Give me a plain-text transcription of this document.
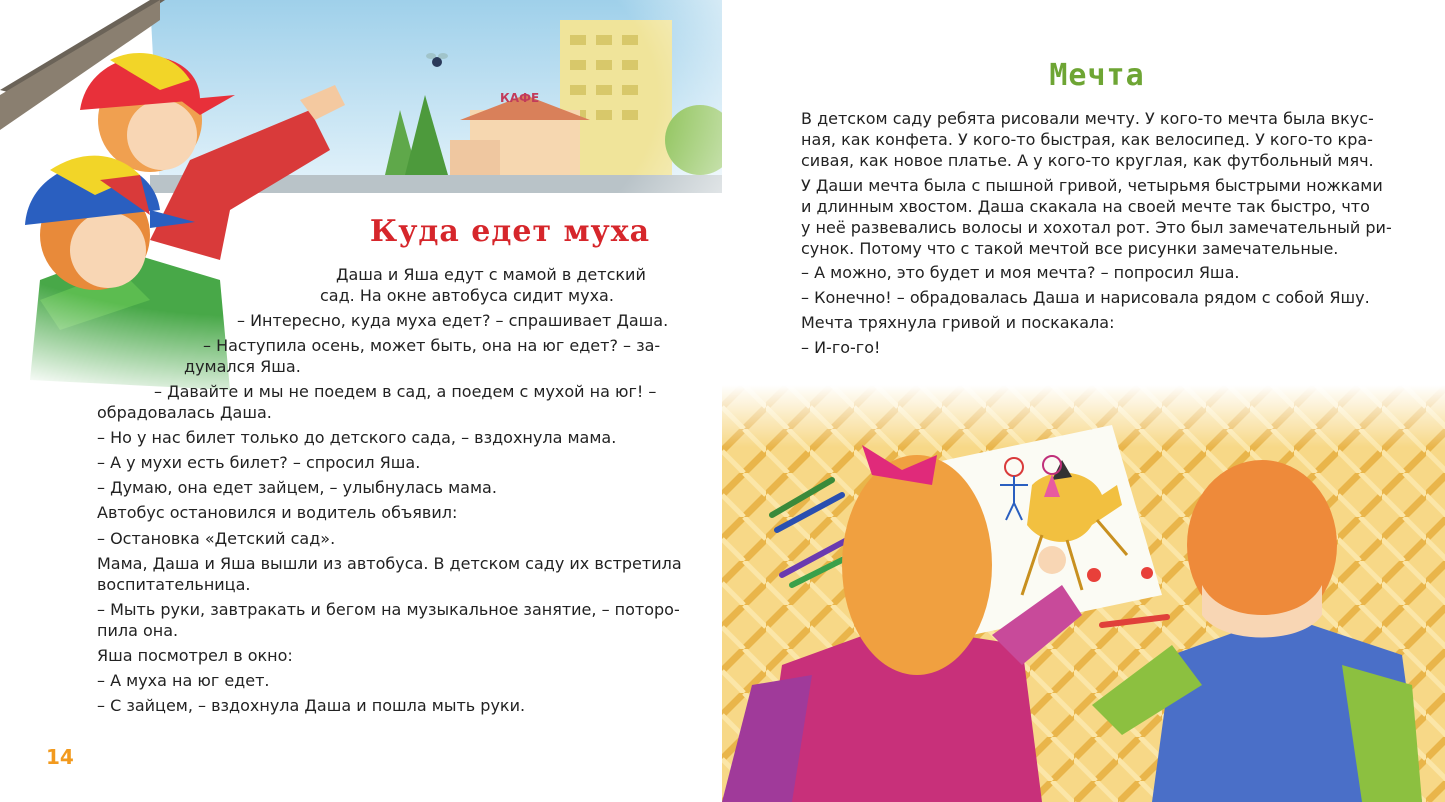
Куда едет муха
Даша и Яша едут с мамой в детский
сад. На окне автобуса сидит муха.
– Интересно, куда муха едет? – спрашивает Даша.
– Наступила осень, может быть, она на юг едет? – за-
думался Яша.
– Давайте и мы не поедем в сад, а поедем с мухой на юг! –
обрадовалась Даша.
– Но у нас билет только до детского сада, – вздохнула мама.
– А у мухи есть билет? – спросил Яша.
– Думаю, она едет зайцем, – улыбнулась мама.
Автобус остановился и водитель объявил:
– Остановка «Детский сад».
Мама, Даша и Яша вышли из автобуса. В детском саду их встретила
воспитательница.
– Мыть руки, завтракать и бегом на музыкальное занятие, – поторо-
пила она.
Яша посмотрел в окно:
– А муха на юг едет.
– С зайцем, – вздохнула Даша и пошла мыть руки.
14
Мечта
В детском саду ребята рисовали мечту. У кого-то мечта была вкус-
ная, как конфета. У кого-то быстрая, как велосипед. У кого-то кра-
сивая, как новое платье. А у кого-то круглая, как футбольный мяч.
У Даши мечта была с пышной гривой, четырьмя быстрыми ножками
и длинным хвостом. Даша скакала на своей мечте так быстро, что
у неё развевались волосы и хохотал рот. Это был замечательный ри-
сунок. Потому что с такой мечтой все рисунки замечательные.
– А можно, это будет и моя мечта? – попросил Яша.
– Конечно! – обрадовалась Даша и нарисовала рядом с собой Яшу.
Мечта тряхнула гривой и поскакала:
– И-го-го!
